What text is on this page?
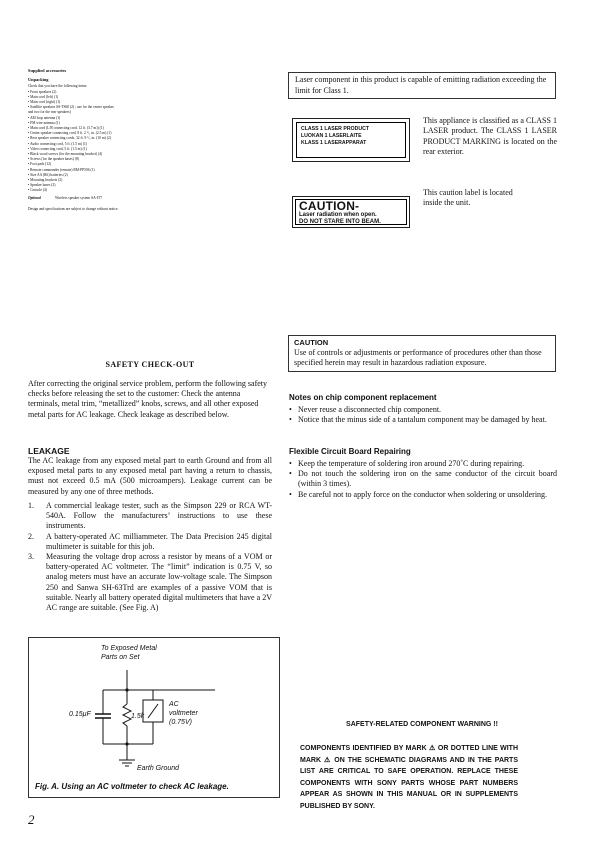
Supplied accessories
Unpacking
Check that you have the following items:
• Front speakers (2)
• Main cord (left) (1)
• Main cord (right) (1)
• Satellite speakers SS-TS60 (2) ; use for the center speaker,
and two for the rear speakers)
• AM loop antenna (1)
• FM wire antenna (1)
• Main cord (L/R connecting cord, 12 ft. (3.7 m)) (1)
• Center speaker connecting cord, 8 ft. 2 ⁵/₈ in. (2.5 m) (1)
• Rear speaker connecting cords, 32 ft. 9 ⁵/₈ in. (10 m) (2)
• Audio connecting cord, 5 ft. (1.5 m) (1)
• Video connecting cord, 5 ft. (1.5 m) (1)
• Black wood screws (for the mounting bracket) (4)
• Screws (for the speaker bases) (8)
• Foot pads (12)
• Remote commander (remote) RM-PP506 (1)
• Size AA (R6) batteries (2)
• Mounting brackets (2)
• Speaker bases (2)
• Console (4)
Optional	Wireless speaker system SA-IT7
Design and specifications are subject to change without notice.
Laser component in this product is capable of emitting radiation exceeding the limit for Class 1.
CLASS 1 LASER PRODUCT
LUOKAN 1 LASERLAITE
KLASS 1 LASERAPPARAT
This appliance is classified as a CLASS 1 LASER product. The CLASS 1 LASER PRODUCT MARKING is located on the rear exterior.
CAUTION-
Laser radiation when open.
DO NOT STARE INTO BEAM.
This caution label is located inside the unit.
SAFETY CHECK-OUT
After correcting the original service problem, perform the following safety checks before releasing the set to the customer: Check the antenna terminals, metal trim, “metallized” knobs, screws, and all other exposed metal parts for AC leakage. Check leakage as described below.
LEAKAGE
The AC leakage from any exposed metal part to earth Ground and from all exposed metal parts to any exposed metal part having a return to chassis, must not exceed 0.5 mA (500 microampers). Leakage current can be measured by any one of three methods.
1.	A commercial leakage tester, such as the Simpson 229 or RCA WT-540A. Follow the manufacturers’ instructions to use these instruments.
2.	A battery-operated AC milliammeter. The Data Precision 245 digital multimeter is suitable for this job.
3.	Measuring the voltage drop across a resistor by means of a VOM or battery-operated AC voltmeter. The “limit” indication is 0.75 V, so analog meters must have an accurate low-voltage scale. The Simpson 250 and Sanwa SH-63Trd are examples of a passive VOM that is suitable. Nearly all battery operated digital multimeters that have a 2V AC range are suitable. (See Fig. A)
CAUTION
Use of controls or adjustments or performance of procedures other than those specified herein may result in hazardous radiation exposure.
Notes on chip component replacement
• Never reuse a disconnected chip component.
• Notice that the minus side of a tantalum component may be damaged by heat.
Flexible Circuit Board Repairing
• Keep the temperature of soldering iron around 270˚C during repairing.
• Do not touch the soldering iron on the same conductor of the circuit board (within 3 times).
• Be careful not to apply force on the conductor when soldering or unsoldering.
To Exposed Metal
Parts on Set
0.15μF	1.5k
AC
voltmeter
(0.75V)
Earth Ground
Fig. A. Using an AC voltmeter to check AC leakage.
SAFETY-RELATED COMPONENT WARNING !!
COMPONENTS IDENTIFIED BY MARK ⚠ OR DOTTED LINE WITH MARK ⚠ ON THE SCHEMATIC DIAGRAMS AND IN THE PARTS LIST ARE CRITICAL TO SAFE OPERATION. REPLACE THESE COMPONENTS WITH SONY PARTS WHOSE PART NUMBERS APPEAR AS SHOWN IN THIS MANUAL OR IN SUPPLEMENTS PUBLISHED BY SONY.
2
